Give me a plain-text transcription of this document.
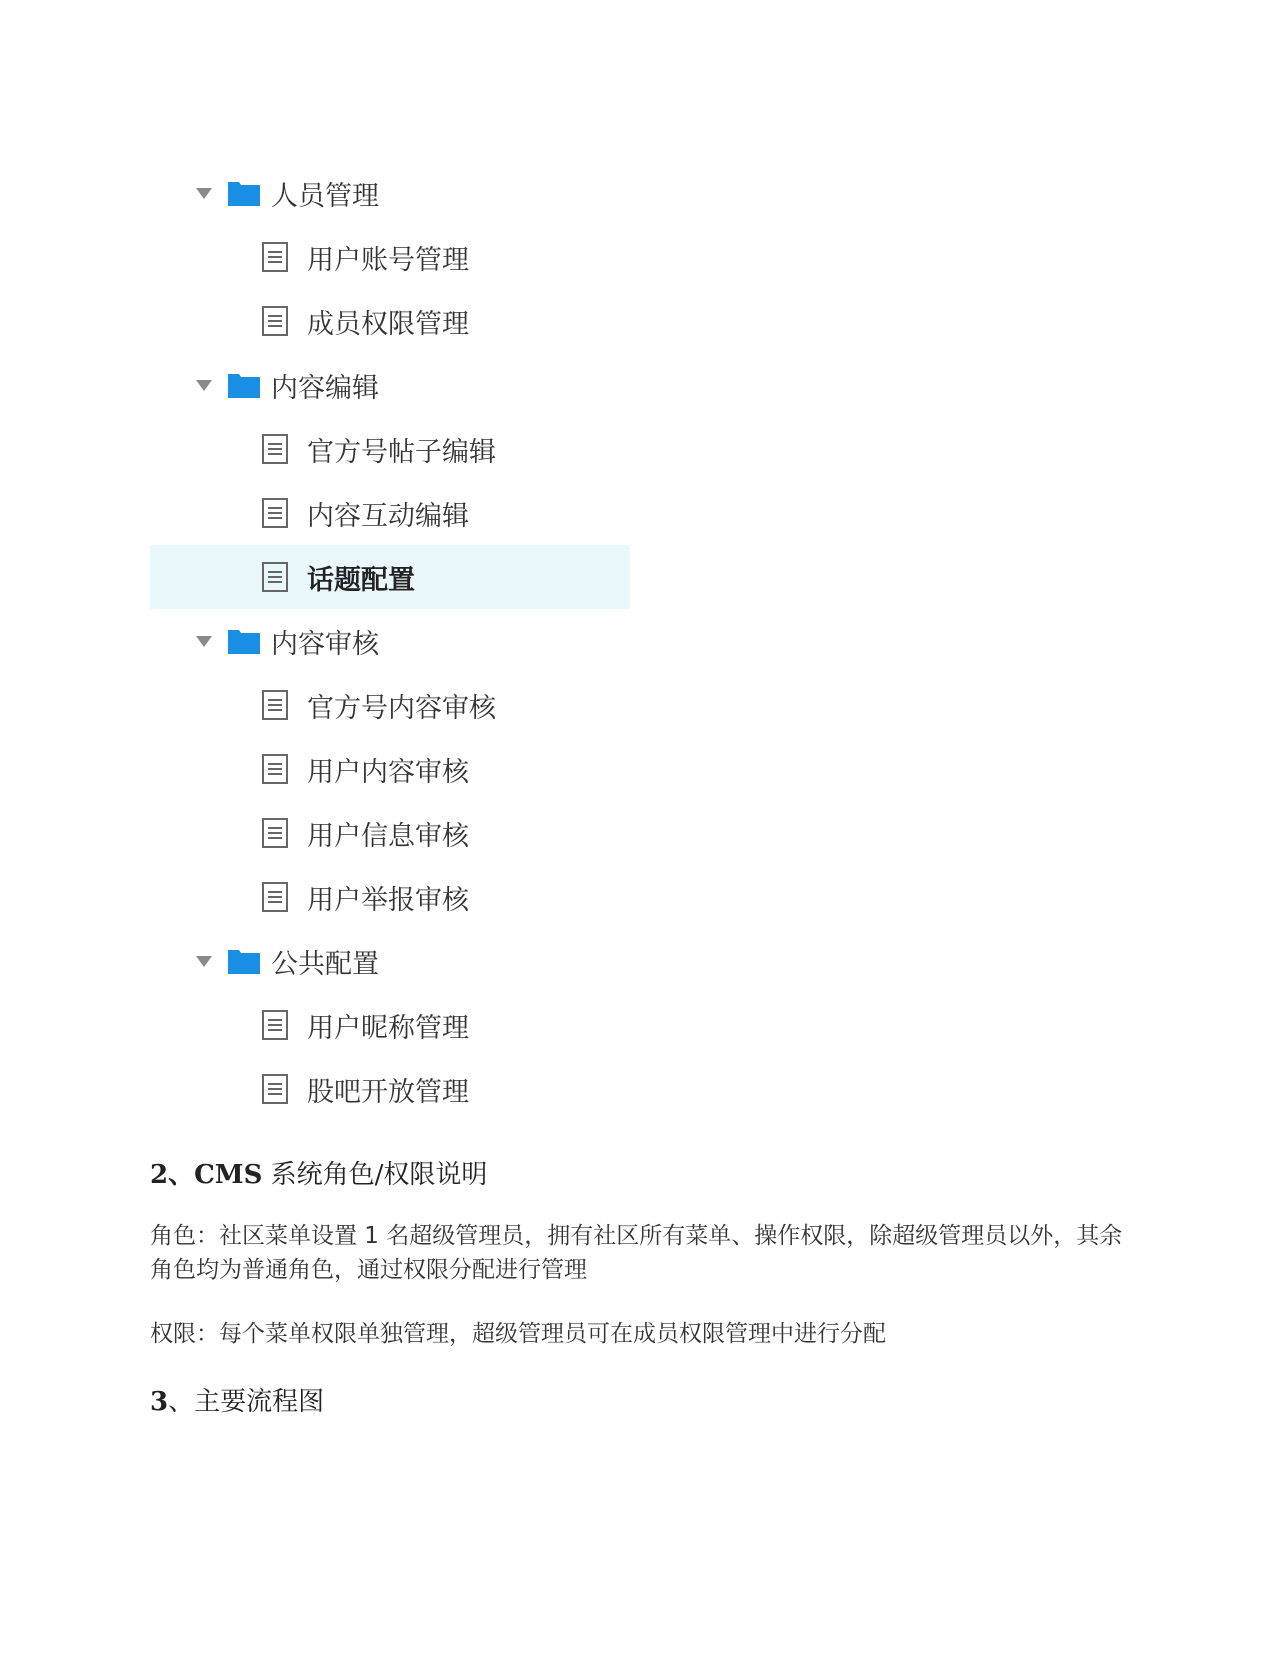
人员管理
用户账号管理
成员权限管理
内容编辑
官方号帖子编辑
内容互动编辑
话题配置
内容审核
官方号内容审核
用户内容审核
用户信息审核
用户举报审核
公共配置
用户昵称管理
股吧开放管理
2、CMS 系统角色/权限说明
角色：社区菜单设置 1 名超级管理员，拥有社区所有菜单、操作权限，除超级管理员以外，其余角色均为普通角色，通过权限分配进行管理
权限：每个菜单权限单独管理，超级管理员可在成员权限管理中进行分配
3、主要流程图
